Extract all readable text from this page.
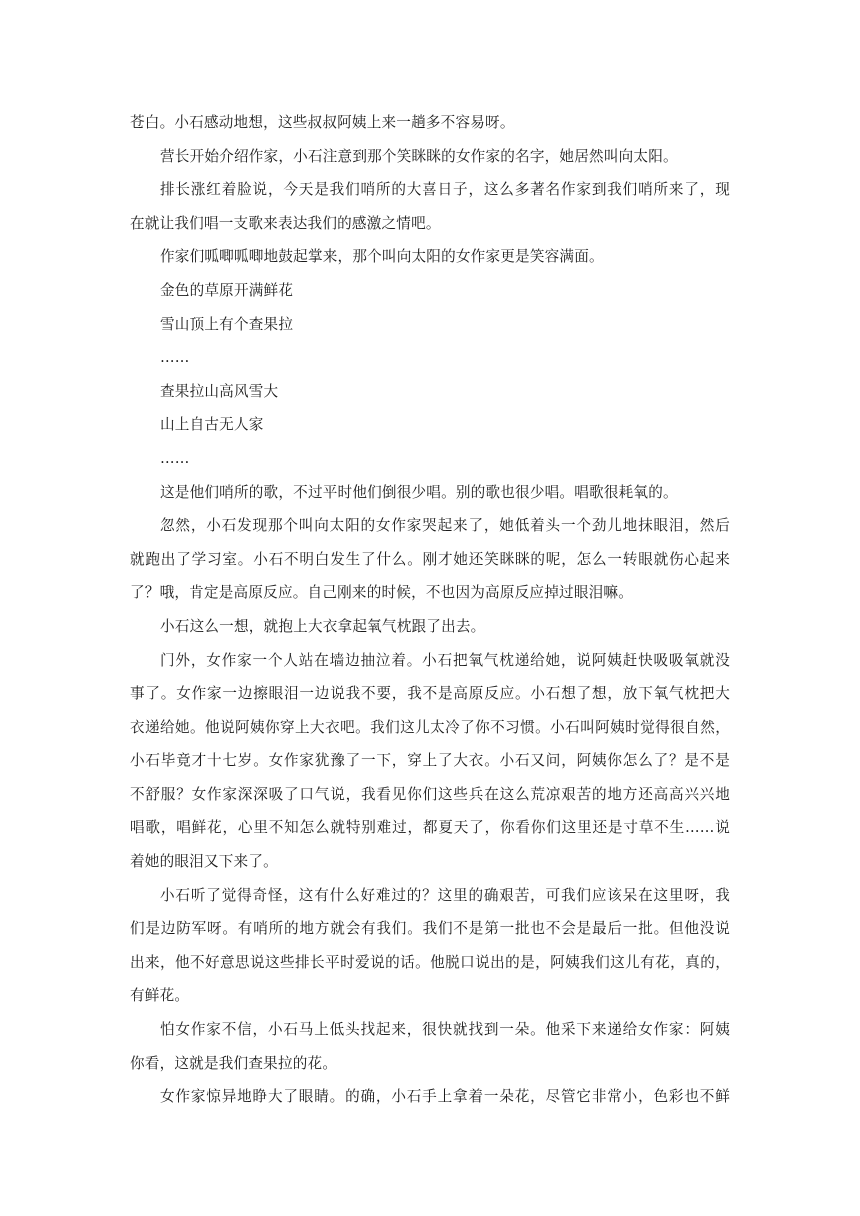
苍白。小石感动地想，这些叔叔阿姨上来一趟多不容易呀。

营长开始介绍作家，小石注意到那个笑眯眯的女作家的名字，她居然叫向太阳。

排长涨红着脸说，今天是我们哨所的大喜日子，这么多著名作家到我们哨所来了，现

在就让我们唱一支歌来表达我们的感激之情吧。

作家们呱唧呱唧地鼓起掌来，那个叫向太阳的女作家更是笑容满面。

金色的草原开满鲜花

雪山顶上有个查果拉

……

查果拉山高风雪大

山上自古无人家

……

这是他们哨所的歌，不过平时他们倒很少唱。别的歌也很少唱。唱歌很耗氧的。

忽然，小石发现那个叫向太阳的女作家哭起来了，她低着头一个劲儿地抹眼泪，然后

就跑出了学习室。小石不明白发生了什么。刚才她还笑眯眯的呢，怎么一转眼就伤心起来

了？哦，肯定是高原反应。自己刚来的时候，不也因为高原反应掉过眼泪嘛。

小石这么一想，就抱上大衣拿起氧气枕跟了出去。

门外，女作家一个人站在墙边抽泣着。小石把氧气枕递给她，说阿姨赶快吸吸氧就没

事了。女作家一边擦眼泪一边说我不要，我不是高原反应。小石想了想，放下氧气枕把大

衣递给她。他说阿姨你穿上大衣吧。我们这儿太冷了你不习惯。小石叫阿姨时觉得很自然，

小石毕竟才十七岁。女作家犹豫了一下，穿上了大衣。小石又问，阿姨你怎么了？是不是

不舒服？女作家深深吸了口气说，我看见你们这些兵在这么荒凉艰苦的地方还高高兴兴地

唱歌，唱鲜花，心里不知怎么就特别难过，都夏天了，你看你们这里还是寸草不生……说

着她的眼泪又下来了。

小石听了觉得奇怪，这有什么好难过的？这里的确艰苦，可我们应该呆在这里呀，我

们是边防军呀。有哨所的地方就会有我们。我们不是第一批也不会是最后一批。但他没说

出来，他不好意思说这些排长平时爱说的话。他脱口说出的是，阿姨我们这儿有花，真的，

有鲜花。

怕女作家不信，小石马上低头找起来，很快就找到一朵。他采下来递给女作家：阿姨

你看，这就是我们查果拉的花。

女作家惊异地睁大了眼睛。的确，小石手上拿着一朵花，尽管它非常小，色彩也不鲜
